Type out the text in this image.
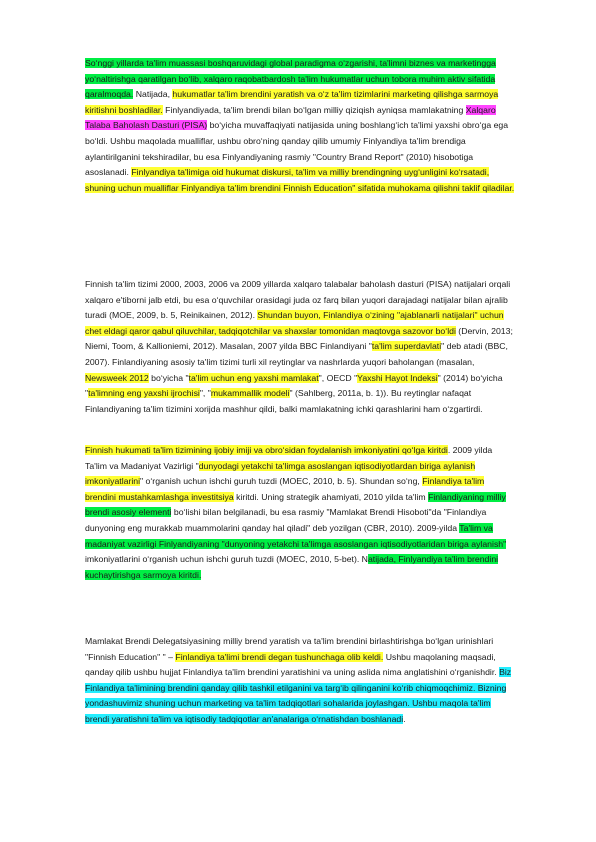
So‘nggi yillarda ta'lim muassasi boshqaruvidagi global paradigma o‘zgarishi, ta'limni biznes va marketingga yo‘naltirishga qaratilgan bo‘lib, xalqaro raqobatbardosh ta'lim hukumatlar uchun tobora muhim aktiv sifatida qaralmoqda. Natijada, hukumatlar ta'lim brendini yaratish va o‘z ta'lim tizimlarini marketing qilishga sarmoya kiritishni boshladilar. Finlyandiyada, ta'lim brendi bilan bo‘lgan milliy qiziqish ayniqsa mamlakatning Xalqaro Talaba Baholash Dasturi (PISA) bo‘yicha muvaffaqiyati natijasida uning boshlang‘ich ta'limi yaxshi obro‘ga ega bo‘ldi. Ushbu maqolada mualliflar, ushbu obro‘ning qanday qilib umumiy Finlyandiya ta'lim brendiga aylantirilganini tekshiradilar, bu esa Finlyandiyaning rasmiy "Country Brand Report" (2010) hisobotiga asoslanadi. Finlyandiya ta'limiga oid hukumat diskursi, ta'lim va milliy brendingning uyg‘unligini ko‘rsatadi, shuning uchun mualliflar Finlyandiya ta'lim brendini Finnish Education" sifatida muhokama qilishni taklif qiladilar.

Finnish ta'lim tizimi 2000, 2003, 2006 va 2009 yillarda xalqaro talabalar baholash dasturi (PISA) natijalari orqali xalqaro e'tiborni jalb etdi, bu esa o‘quvchilar orasidagi juda oz farq bilan yuqori darajadagi natijalar bilan ajralib turadi (MOE, 2009, b. 5, Reinikainen, 2012). Shundan buyon, Finlandiya o‘zining "ajablanarli natijalari" uchun chet eldagi qaror qabul qiluvchilar, tadqiqotchilar va shaxslar tomonidan maqtovga sazovor bo‘ldi (Dervin, 2013; Niemi, Toom, & Kallioniemi, 2012). Masalan, 2007 yilda BBC Finlandiyani "ta'lim superdavlati" deb atadi (BBC, 2007). Finlandiyaning asosiy ta'lim tizimi turli xil reytinglar va nashrlarda yuqori baholangan (masalan, Newsweek 2012 bo‘yicha "ta'lim uchun eng yaxshi mamlakat", OECD "Yaxshi Hayot Indeksi" (2014) bo‘yicha "ta'limning eng yaxshi ijrochisi", "mukammallik modeli" (Sahlberg, 2011a, b. 1)). Bu reytinglar nafaqat Finlandiyaning ta'lim tizimini xorijda mashhur qildi, balki mamlakatning ichki qarashlarini ham o‘zgartirdi.

Finnish hukumati ta'lim tizimining ijobiy imiji va obro‘sidan foydalanish imkoniyatini qo‘lga kiritdi. 2009 yilda Ta'lim va Madaniyat Vazirligi "dunyodagi yetakchi ta'limga asoslangan iqtisodiyotlardan biriga aylanish imkoniyatlarini" o‘rganish uchun ishchi guruh tuzdi (MOEC, 2010, b. 5). Shundan so‘ng, Finlandiya ta'lim brendini mustahkamlashga investitsiya kiritdi. Uning strategik ahamiyati, 2010 yilda ta'lim Finlandiyaning milliy brendi asosiy elementi bo‘lishi bilan belgilanadi, bu esa rasmiy "Mamlakat Brendi Hisoboti"da "Finlandiya dunyoning eng murakkab muammolarini qanday hal qiladi" deb yozilgan (CBR, 2010). 2009-yilda Ta'lim va madaniyat vazirligi Finlyandiyaning "dunyoning yetakchi ta'limga asoslangan iqtisodiyotlaridan biriga aylanish" imkoniyatlarini o‘rganish uchun ishchi guruh tuzdi (MOEC, 2010, 5-bet). Natijada, Finlyandiya ta'lim brendini kuchaytirishga sarmoya kiritdi.

Mamlakat Brendi Delegatsiyasining milliy brend yaratish va ta'lim brendini birlashtirishga bo‘lgan urinishlari "Finnish Education" " – Finlandiya ta'limi brendi degan tushunchaga olib keldi. Ushbu maqolaning maqsadi, qanday qilib ushbu hujjat Finlandiya ta'lim brendini yaratishini va uning aslida nima anglatishini o‘rganishdir. Biz Finlandiya ta'limining brendini qanday qilib tashkil etilganini va targ‘ib qilinganini ko‘rib chiqmoqchimiz. Bizning yondashuvimiz shuning uchun marketing va ta'lim tadqiqotlari sohalarida joylashgan. Ushbu maqola ta'lim brendi yaratishni ta'lim va iqtisodiy tadqiqotlar an'analariga o‘rnatishdan boshlanadi.
